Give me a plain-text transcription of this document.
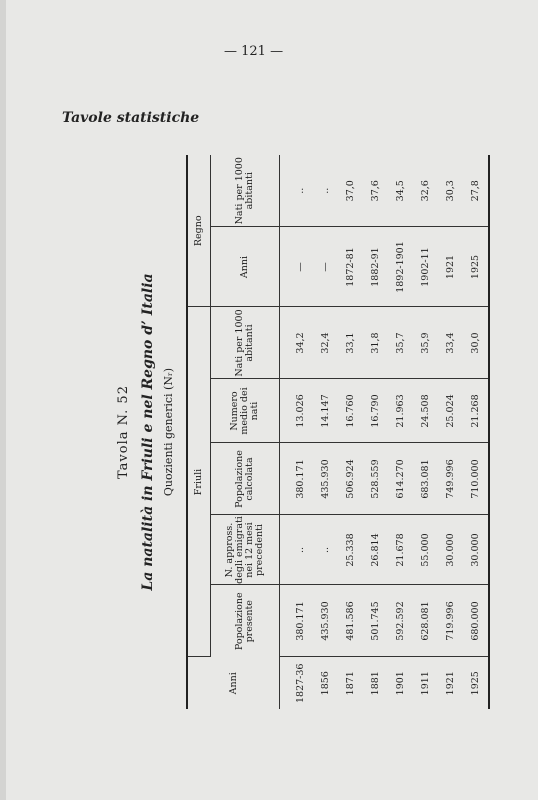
— 121 —
Tavole statistiche
Tavola N. 52 La natalità in Friuli e nel Regno d’ Italia Quozienti generici (Nᵣ)
Anni	Friuli					Regno	
	Popolazione presente	N. appross. degli emigrati nei 12 mesi precedenti	Popolazione calcolata	Numero medio dei nati	Nati per 1000 abitanti	Anni	Nati per 1000 abitanti
1827-36	380.171	..	380.171	13.026	34,2	—	..
1856	435.930	..	435.930	14.147	32,4	—	..
1871	481.586	25.338	506.924	16.760	33,1	1872-81	37,0
1881	501.745	26.814	528.559	16.790	31,8	1882-91	37,6
1901	592.592	21.678	614.270	21.963	35,7	1892-1901	34,5
1911	628.081	55.000	683.081	24.508	35,9	1902-11	32,6
1921	719.996	30.000	749.996	25.024	33,4	1921	30,3
1925	680.000	30.000	710.000	21.268	30,0	1925	27,8
